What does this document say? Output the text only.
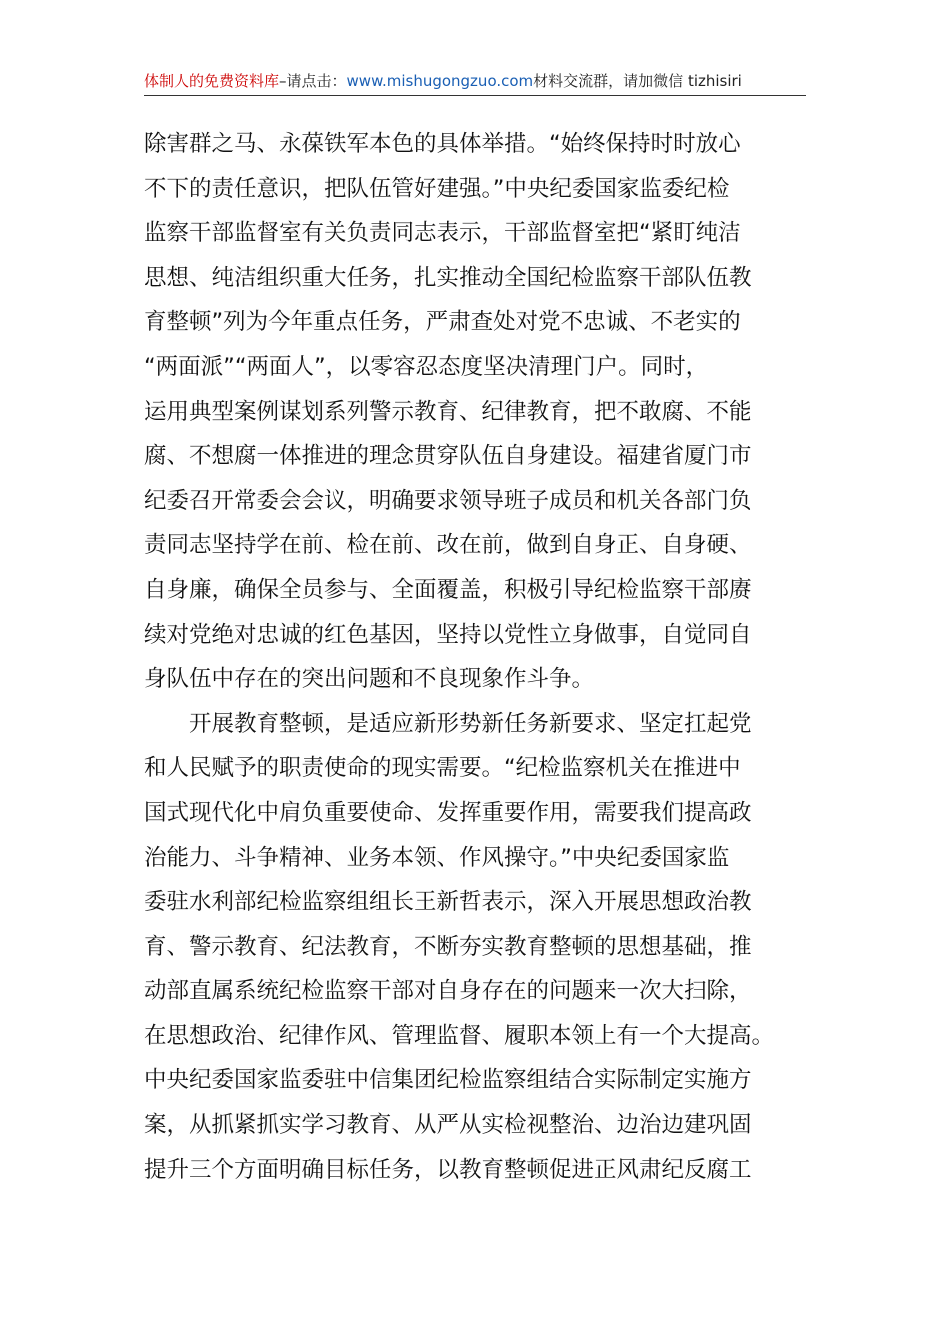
体制人的免费资料库–请点击：www.mishugongzuo.com材料交流群，请加微信 tizhisiri
除害群之马、永葆铁军本色的具体举措。“始终保持时时放心
不下的责任意识，把队伍管好建强。”中央纪委国家监委纪检
监察干部监督室有关负责同志表示，干部监督室把“紧盯纯洁
思想、纯洁组织重大任务，扎实推动全国纪检监察干部队伍教
育整顿”列为今年重点任务，严肃查处对党不忠诚、不老实的
“两面派”“两面人”，以零容忍态度坚决清理门户。同时，
运用典型案例谋划系列警示教育、纪律教育，把不敢腐、不能
腐、不想腐一体推进的理念贯穿队伍自身建设。福建省厦门市
纪委召开常委会会议，明确要求领导班子成员和机关各部门负
责同志坚持学在前、检在前、改在前，做到自身正、自身硬、
自身廉，确保全员参与、全面覆盖，积极引导纪检监察干部赓
续对党绝对忠诚的红色基因，坚持以党性立身做事，自觉同自
身队伍中存在的突出问题和不良现象作斗争。
开展教育整顿，是适应新形势新任务新要求、坚定扛起党
和人民赋予的职责使命的现实需要。“纪检监察机关在推进中
国式现代化中肩负重要使命、发挥重要作用，需要我们提高政
治能力、斗争精神、业务本领、作风操守。”中央纪委国家监
委驻水利部纪检监察组组长王新哲表示，深入开展思想政治教
育、警示教育、纪法教育，不断夯实教育整顿的思想基础，推
动部直属系统纪检监察干部对自身存在的问题来一次大扫除，
在思想政治、纪律作风、管理监督、履职本领上有一个大提高。
中央纪委国家监委驻中信集团纪检监察组结合实际制定实施方
案，从抓紧抓实学习教育、从严从实检视整治、边治边建巩固
提升三个方面明确目标任务，以教育整顿促进正风肃纪反腐工
